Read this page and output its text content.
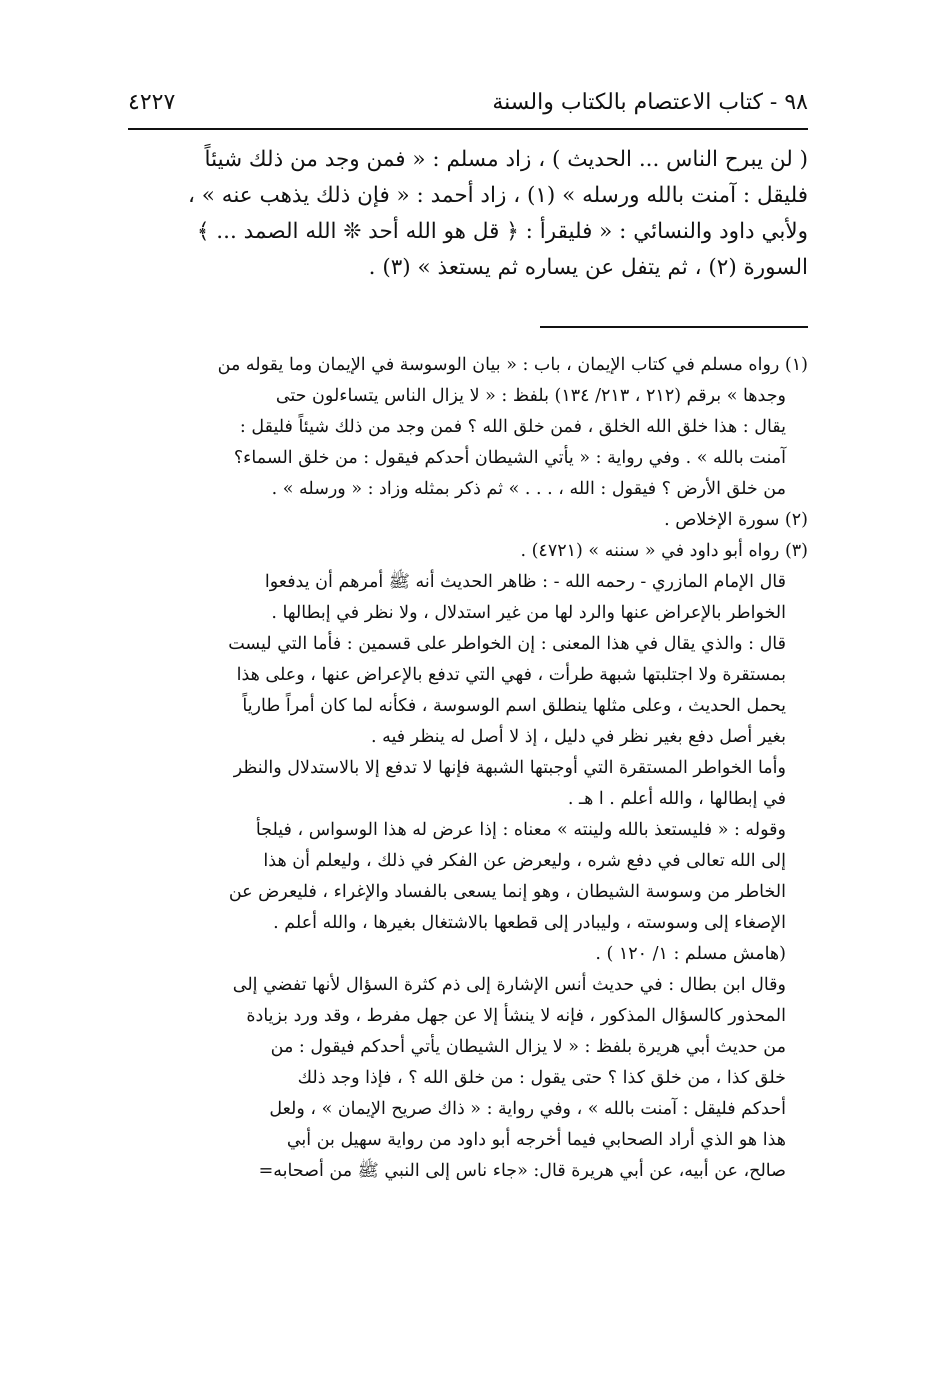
٩٨ - كتاب الاعتصام بالكتاب والسنة
٤٢٢٧
( لن يبرح الناس ... الحديث ) ، زاد مسلم : « فمن وجد من ذلك شيئاً
فليقل : آمنت بالله ورسله » (١) ، زاد أحمد : « فإن ذلك يذهب عنه » ،
ولأبي داود والنسائي : « فليقرأ : ﴿ قل هو الله أحد ❊ الله الصمد ... ﴾
السورة (٢) ، ثم يتفل عن يساره ثم يستعذ » (٣) .
(١) رواه مسلم في كتاب الإيمان ، باب : « بيان الوسوسة في الإيمان وما يقوله من
وجدها » برقم (٢١٢ ، ٢١٣/ ١٣٤) بلفظ : « لا يزال الناس يتساءلون حتى
يقال : هذا خلق الله الخلق ، فمن خلق الله ؟ فمن وجد من ذلك شيئاً فليقل :
آمنت بالله » . وفي رواية : « يأتي الشيطان أحدكم فيقول : من خلق السماء؟
من خلق الأرض ؟ فيقول : الله ، . . . » ثم ذكر بمثله وزاد : « ورسله » .
(٢) سورة الإخلاص .
(٣) رواه أبو داود في « سننه » (٤٧٢١) .
قال الإمام المازري - رحمه الله - : ظاهر الحديث أنه ﷺ أمرهم أن يدفعوا
الخواطر بالإعراض عنها والرد لها من غير استدلال ، ولا نظر في إبطالها .
قال : والذي يقال في هذا المعنى : إن الخواطر على قسمين : فأما التي ليست
بمستقرة ولا اجتلبتها شبهة طرأت ، فهي التي تدفع بالإعراض عنها ، وعلى هذا
يحمل الحديث ، وعلى مثلها ينطلق اسم الوسوسة ، فكأنه لما كان أمراً طارياً
بغير أصل دفع بغير نظر في دليل ، إذ لا أصل له ينظر فيه .
وأما الخواطر المستقرة التي أوجبتها الشبهة فإنها لا تدفع إلا بالاستدلال والنظر
في إبطالها ، والله أعلم . ا هـ .
وقوله : « فليستعذ بالله ولينته » معناه : إذا عرض له هذا الوسواس ، فيلجأ
إلى الله تعالى في دفع شره ، وليعرض عن الفكر في ذلك ، وليعلم أن هذا
الخاطر من وسوسة الشيطان ، وهو إنما يسعى بالفساد والإغراء ، فليعرض عن
الإصغاء إلى وسوسته ، وليبادر إلى قطعها بالاشتغال بغيرها ، والله أعلم .
(هامش مسلم : ١/ ١٢٠ ) .
وقال ابن بطال : في حديث أنس الإشارة إلى ذم كثرة السؤال لأنها تفضي إلى
المحذور كالسؤال المذكور ، فإنه لا ينشأ إلا عن جهل مفرط ، وقد ورد بزيادة
من حديث أبي هريرة بلفظ : « لا يزال الشيطان يأتي أحدكم فيقول : من
خلق كذا ، من خلق كذا ؟ حتى يقول : من خلق الله ؟ ، فإذا وجد ذلك
أحدكم فليقل : آمنت بالله » ، وفي رواية : « ذاك صريح الإيمان » ، ولعل
هذا هو الذي أراد الصحابي فيما أخرجه أبو داود من رواية سهيل بن أبي
صالح، عن أبيه، عن أبي هريرة قال: «جاء ناس إلى النبي ﷺ من أصحابه=
